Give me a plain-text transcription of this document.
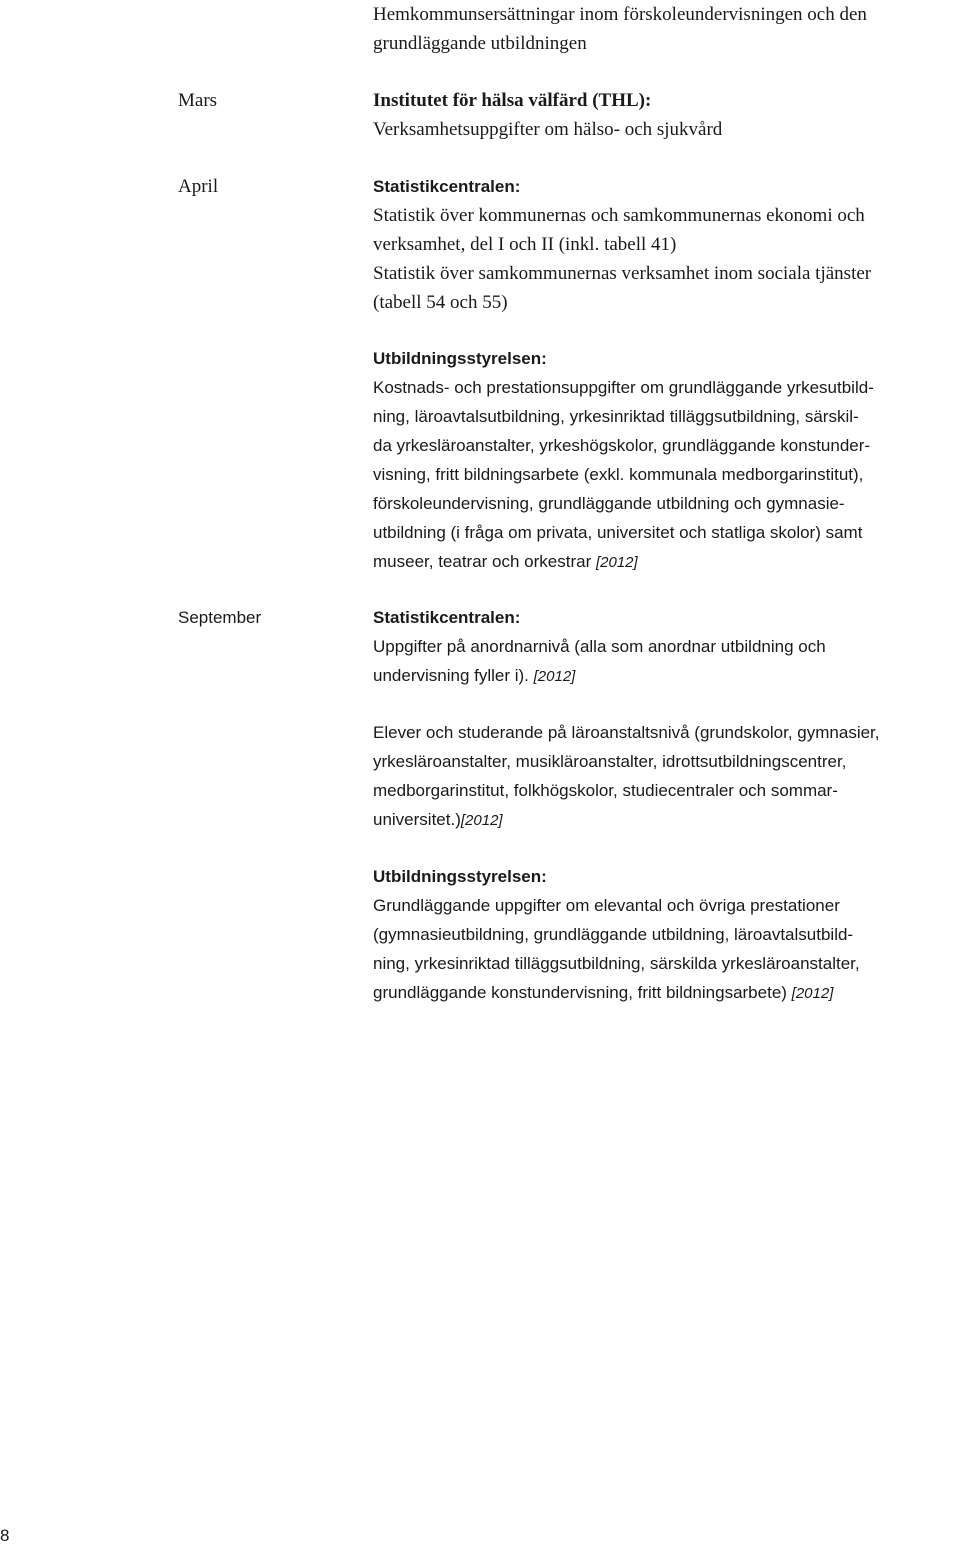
Hemkommunsersättningar inom förskoleundervisningen och den

grundläggande utbildningen

Mars	Institutet för hälsa välfärd (THL):

Verksamhetsuppgifter om hälso- och sjukvård

April	Statistikcentralen:

Statistik över kommunernas och samkommunernas ekonomi och

verksamhet, del I och II (inkl. tabell 41)

Statistik över samkommunernas verksamhet inom sociala tjänster

(tabell 54 och 55)

Utbildningsstyrelsen:

Kostnads- och prestationsuppgifter om grundläggande yrkesutbild-

ning, läroavtalsutbildning, yrkesinriktad tilläggsutbildning, särskil-

da yrkesläroanstalter, yrkeshögskolor, grundläggande konstunder-

visning, fritt bildningsarbete (exkl. kommunala medborgarinstitut),

förskoleundervisning, grundläggande utbildning och gymnasie-

utbildning (i fråga om privata, universitet och statliga skolor) samt

museer, teatrar och orkestrar [2012]

September	Statistikcentralen:

Uppgifter på anordnarnivå (alla som anordnar utbildning och

undervisning fyller i). [2012]

Elever och studerande på läroanstaltsnivå (grundskolor, gymnasier,

yrkesläroanstalter, musikläroanstalter, idrottsutbildningscentrer,

medborgarinstitut, folkhögskolor, studiecentraler och sommar-

universitet.)[2012]

Utbildningsstyrelsen:

Grundläggande uppgifter om elevantal och övriga prestationer

(gymnasieutbildning, grundläggande utbildning, läroavtalsutbild-

ning, yrkesinriktad tilläggsutbildning, särskilda yrkesläroanstalter,

grundläggande konstundervisning, fritt bildningsarbete) [2012]

8
